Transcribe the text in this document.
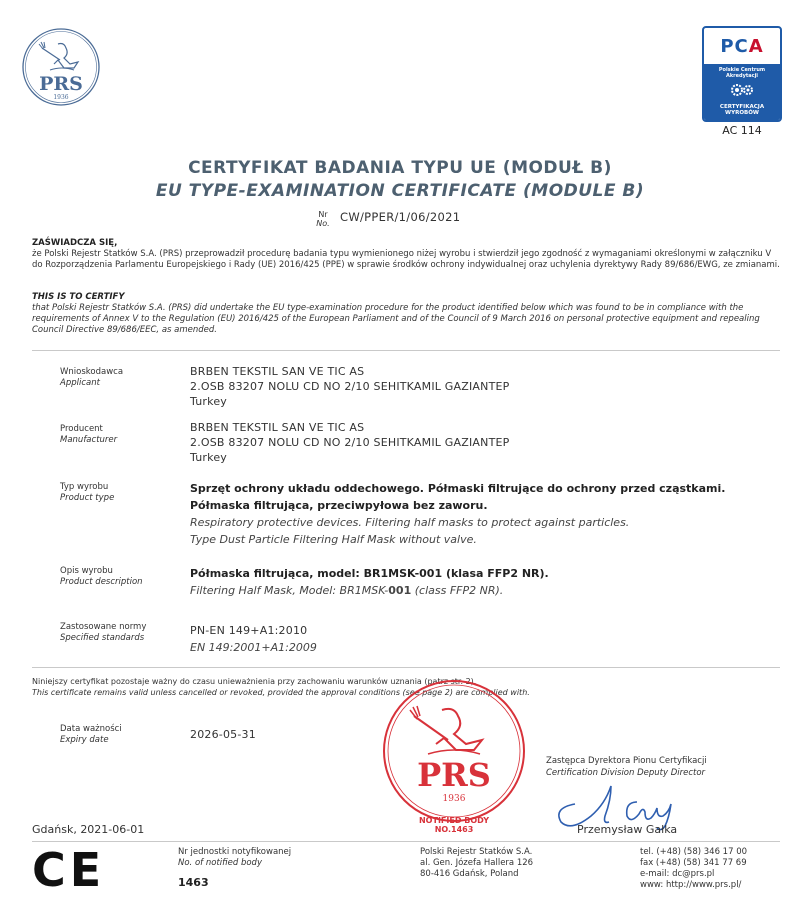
PRS
1936
PCA
Polskie Centrum
Akredytacji
CERTYFIKACJA
WYROBÓW
AC 114
CERTYFIKAT BADANIA TYPU UE (MODUŁ B)
EU TYPE-EXAMINATION CERTIFICATE (MODULE B)
Nr
No. CW/PPER/1/06/2021
ZAŚWIADCZA SIĘ,
że Polski Rejestr Statków S.A. (PRS) przeprowadził procedurę badania typu wymienionego niżej wyrobu i stwierdził jego zgodność z wymaganiami określonymi w załączniku V do Rozporządzenia Parlamentu Europejskiego i Rady (UE) 2016/425 (PPE) w sprawie środków ochrony indywidualnej oraz uchylenia dyrektywy Rady 89/686/EWG, ze zmianami.
THIS IS TO CERTIFY
that Polski Rejestr Statków S.A. (PRS) did undertake the EU type-examination procedure for the product identified below which was found to be in compliance with the requirements of Annex V to the Regulation (EU) 2016/425 of the European Parliament and of the Council of 9 March 2016 on personal protective equipment and repealing Council Directive 89/686/EEC, as amended.
Wnioskodawca
Applicant
BRBEN TEKSTIL SAN VE TIC AS
2.OSB 83207 NOLU CD NO 2/10 SEHITKAMIL GAZIANTEP
Turkey
Producent
Manufacturer
BRBEN TEKSTIL SAN VE TIC AS
2.OSB 83207 NOLU CD NO 2/10 SEHITKAMIL GAZIANTEP
Turkey
Typ wyrobu
Product type
Sprzęt ochrony układu oddechowego. Półmaski filtrujące do ochrony przed cząstkami.
Półmaska filtrująca, przeciwpyłowa bez zaworu.
Respiratory protective devices. Filtering half masks to protect against particles.
Type Dust Particle Filtering Half Mask without valve.
Opis wyrobu
Product description
Półmaska filtrująca, model: BR1MSK-001 (klasa FFP2 NR).
Filtering Half Mask, Model: BR1MSK-001 (class FFP2 NR).
Zastosowane normy
Specified standards
PN-EN 149+A1:2010
EN 149:2001+A1:2009
Niniejszy certyfikat pozostaje ważny do czasu unieważnienia przy zachowaniu warunków uznania (patrz str. 2).
This certificate remains valid unless cancelled or revoked, provided the approval conditions (see page 2) are complied with.
Data ważności
Expiry date	2026-05-31
PRS
1936
NOTIFIED BODY
NO.1463
Zastępca Dyrektora Pionu Certyfikacji
Certification Division Deputy Director
Przemysław Gałka
Gdańsk, 2021-06-01
CE	Nr jednostki notyfikowanej
No. of notified body
1463
Polski Rejestr Statków S.A.
al. Gen. Józefa Hallera 126
80-416 Gdańsk, Poland
tel. (+48) (58) 346 17 00
fax (+48) (58) 341 77 69
e-mail: dc@prs.pl
www: http://www.prs.pl/
